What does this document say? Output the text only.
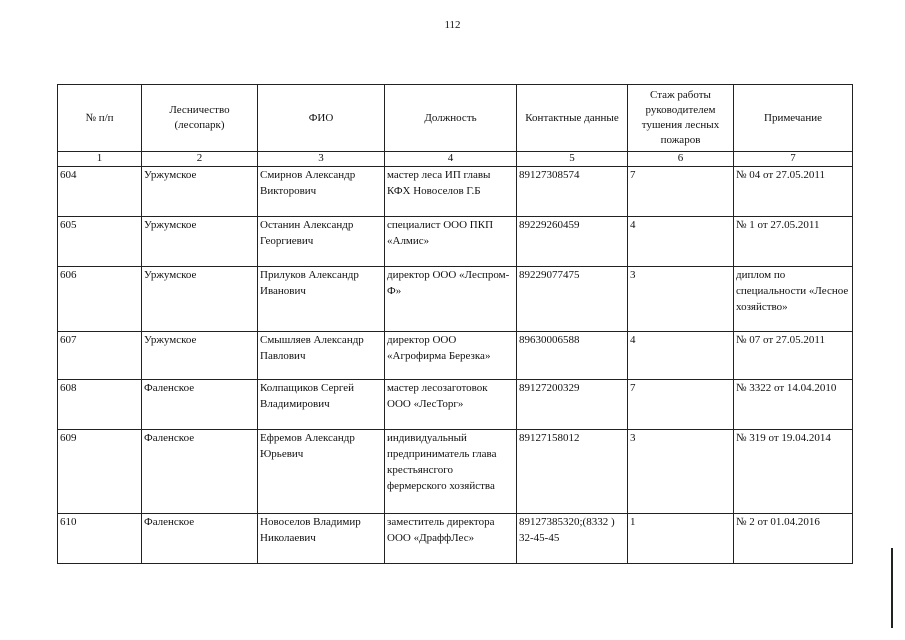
112
№ п/п	Лесничество (лесопарк)	ФИО	Должность	Контактные данные	Стаж работы руководителем тушения лесных пожаров	Примечание
1	2	3	4	5	6	7
604	Уржумское	Смирнов Александр Викторович	мастер леса ИП главы КФХ Новоселов Г.Б	89127308574	7	№ 04 от 27.05.2011
605	Уржумское	Останин Александр Георгиевич	специалист ООО ПКП «Алмис»	89229260459	4	№ 1 от 27.05.2011
606	Уржумское	Прилуков Александр Иванович	директор ООО «Леспром-Ф»	89229077475	3	диплом по специальности «Лесное хозяйство»
607	Уржумское	Смышляев Александр Павлович	директор ООО «Агрофирма Березка»	89630006588	4	№ 07 от 27.05.2011
608	Фаленское	Колпащиков Сергей Владимирович	мастер лесозаготовок ООО «ЛесТорг»	89127200329	7	№ 3322 от 14.04.2010
609	Фаленское	Ефремов Александр Юрьевич	индивидуальный предприниматель глава крестьянсгого фермерского хозяйства	89127158012	3	№ 319 от 19.04.2014
610	Фаленское	Новоселов Владимир Николаевич	заместитель директора ООО «ДраффЛес»	89127385320;(8332 ) 32-45-45	1	№ 2 от 01.04.2016
